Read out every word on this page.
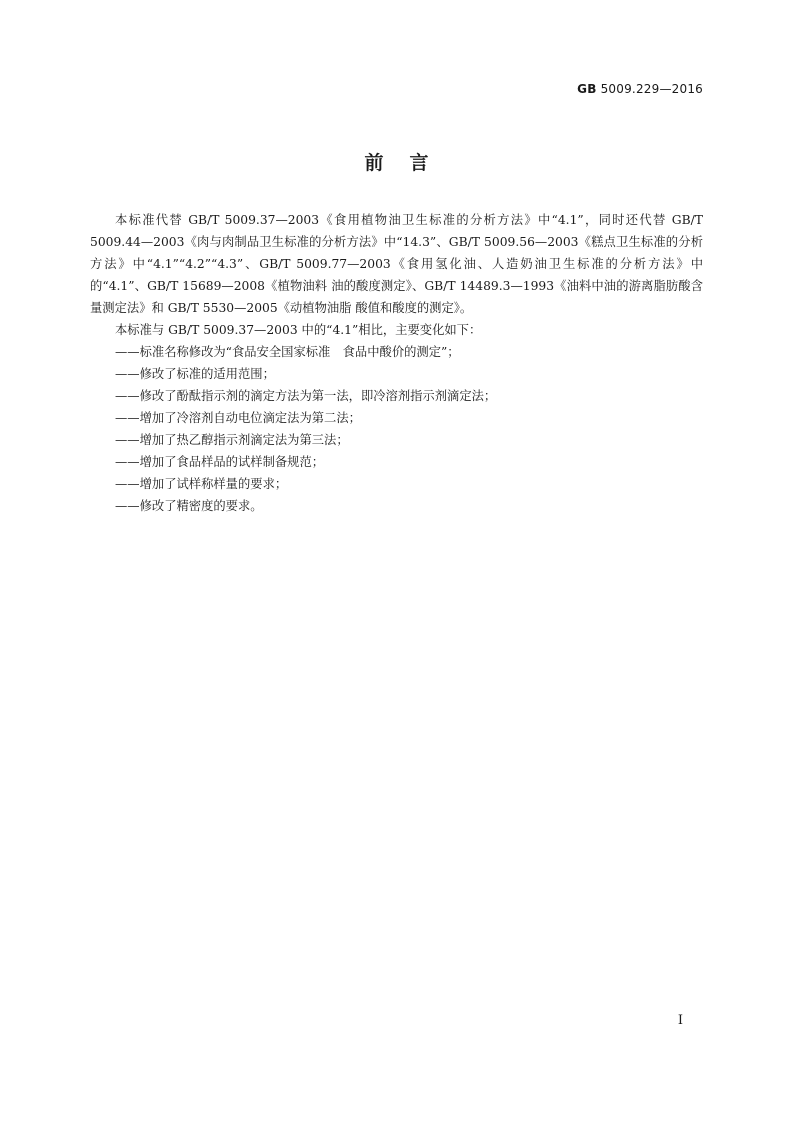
GB 5009.229—2016
前言

本标准代替 GB/T 5009.37—2003《食用植物油卫生标准的分析方法》中“4.1”，同时还代替 GB/T 5009.44—2003《肉与肉制品卫生标准的分析方法》中“14.3”、GB/T 5009.56—2003《糕点卫生标准的分析方法》中“4.1”“4.2”“4.3”、GB/T 5009.77—2003《食用氢化油、人造奶油卫生标准的分析方法》中的“4.1”、GB/T 15689—2008《植物油料 油的酸度测定》、GB/T 14489.3—1993《油料中油的游离脂肪酸含量测定法》和 GB/T 5530—2005《动植物油脂 酸值和酸度的测定》。

本标准与 GB/T 5009.37—2003 中的“4.1”相比，主要变化如下：

——标准名称修改为“食品安全国家标准　食品中酸价的测定”；

——修改了标准的适用范围；

——修改了酚酞指示剂的滴定方法为第一法，即冷溶剂指示剂滴定法；

——增加了冷溶剂自动电位滴定法为第二法；

——增加了热乙醇指示剂滴定法为第三法；

——增加了食品样品的试样制备规范；

——增加了试样称样量的要求；

——修改了精密度的要求。

I
